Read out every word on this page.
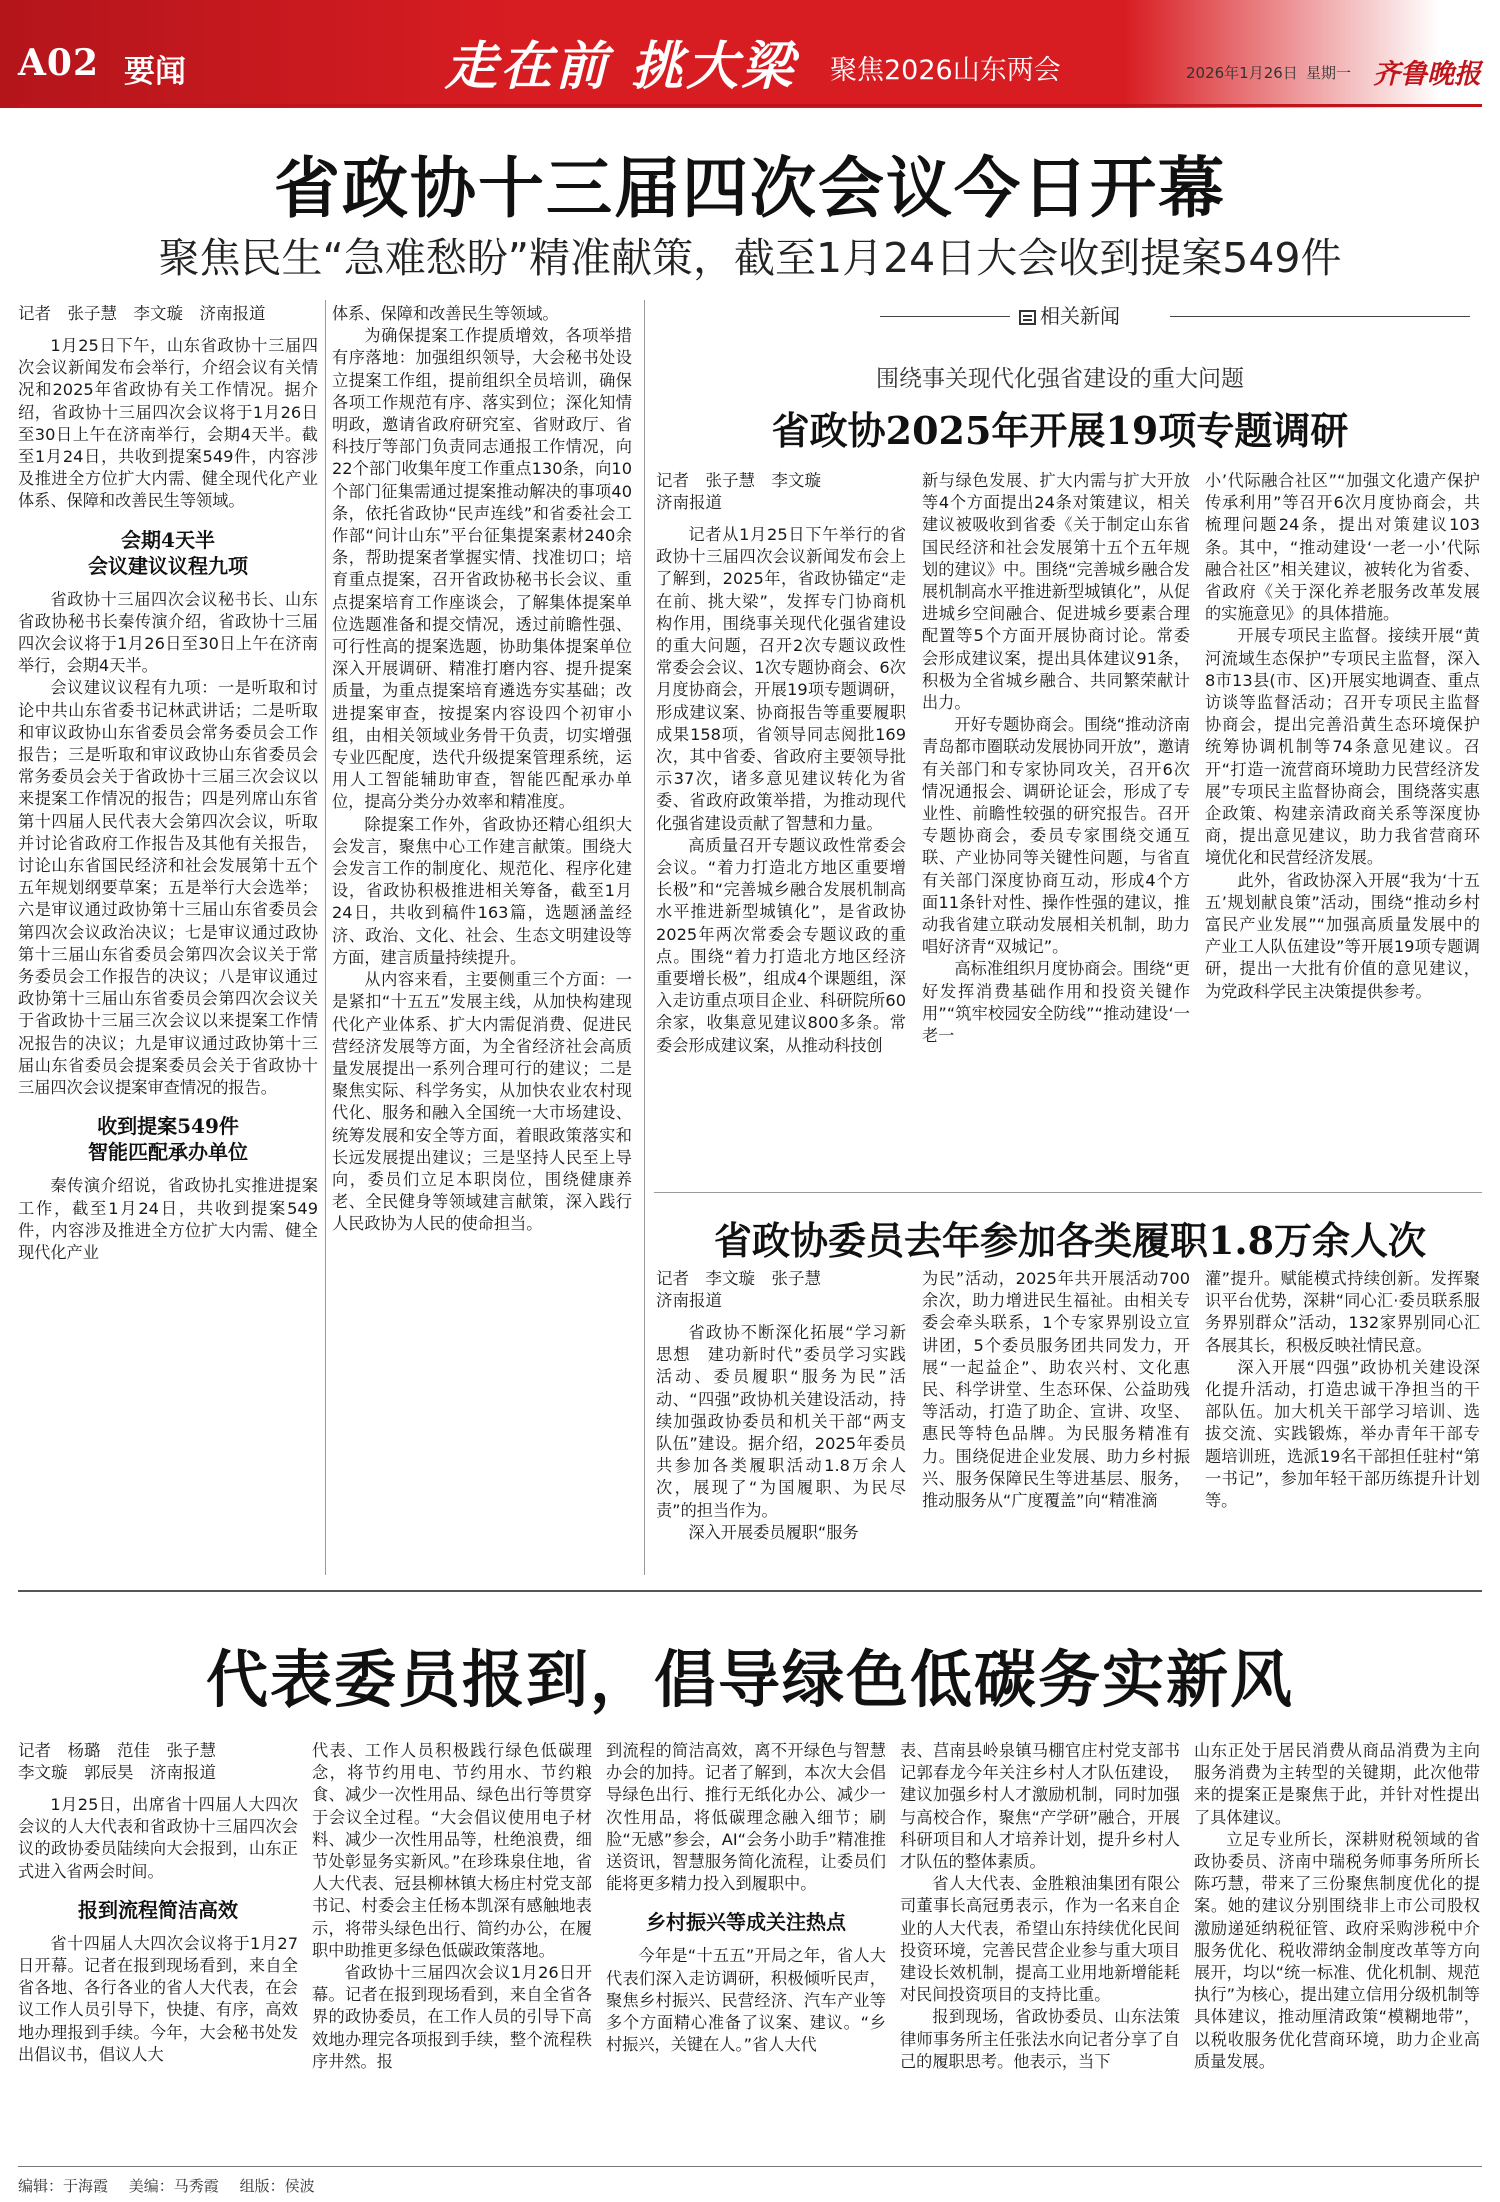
A02 要闻	走在前 挑大梁 聚焦2026山东两会	2026年1月26日 星期一 齐鲁晚报
省政协十三届四次会议今日开幕
聚焦民生“急难愁盼”精准献策，截至1月24日大会收到提案549件

记者　张子慧　李文璇　济南报道

1月25日下午，山东省政协十三届四次会议新闻发布会举行，介绍会议有关情况和2025年省政协有关工作情况。据介绍，省政协十三届四次会议将于1月26日至30日上午在济南举行，会期4天半。截至1月24日，共收到提案549件，内容涉及推进全方位扩大内需、健全现代化产业体系、保障和改善民生等领域。

会期4天半
会议建议议程九项

省政协十三届四次会议秘书长、山东省政协秘书长秦传演介绍，省政协十三届四次会议将于1月26日至30日上午在济南举行，会期4天半。

会议建议议程有九项：一是听取和讨论中共山东省委书记林武讲话；二是听取和审议政协山东省委员会常务委员会工作报告；三是听取和审议政协山东省委员会常务委员会关于省政协十三届三次会议以来提案工作情况的报告；四是列席山东省第十四届人民代表大会第四次会议，听取并讨论省政府工作报告及其他有关报告，讨论山东省国民经济和社会发展第十五个五年规划纲要草案；五是举行大会选举；六是审议通过政协第十三届山东省委员会第四次会议政治决议；七是审议通过政协第十三届山东省委员会第四次会议关于常务委员会工作报告的决议；八是审议通过政协第十三届山东省委员会第四次会议关于省政协十三届三次会议以来提案工作情况报告的决议；九是审议通过政协第十三届山东省委员会提案委员会关于省政协十三届四次会议提案审查情况的报告。

收到提案549件
智能匹配承办单位

秦传演介绍说，省政协扎实推进提案工作，截至1月24日，共收到提案549件，内容涉及推进全方位扩大内需、健全现代化产业

体系、保障和改善民生等领域。

为确保提案工作提质增效，各项举措有序落地：加强组织领导，大会秘书处设立提案工作组，提前组织全员培训，确保各项工作规范有序、落实到位；深化知情明政，邀请省政府研究室、省财政厅、省科技厅等部门负责同志通报工作情况，向22个部门收集年度工作重点130条，向10个部门征集需通过提案推动解决的事项40条，依托省政协“民声连线”和省委社会工作部“问计山东”平台征集提案素材240余条，帮助提案者掌握实情、找准切口；培育重点提案，召开省政协秘书长会议、重点提案培育工作座谈会，了解集体提案单位选题准备和提交情况，透过前瞻性强、可行性高的提案选题，协助集体提案单位深入开展调研、精准打磨内容、提升提案质量，为重点提案培育遴选夯实基础；改进提案审查，按提案内容设四个初审小组，由相关领域业务骨干负责，切实增强专业匹配度，迭代升级提案管理系统，运用人工智能辅助审查，智能匹配承办单位，提高分类分办效率和精准度。

除提案工作外，省政协还精心组织大会发言，聚焦中心工作建言献策。围绕大会发言工作的制度化、规范化、程序化建设，省政协积极推进相关筹备，截至1月24日，共收到稿件163篇，选题涵盖经济、政治、文化、社会、生态文明建设等方面，建言质量持续提升。

从内容来看，主要侧重三个方面：一是紧扣“十五五”发展主线，从加快构建现代化产业体系、扩大内需促消费、促进民营经济发展等方面，为全省经济社会高质量发展提出一系列合理可行的建议；二是聚焦实际、科学务实，从加快农业农村现代化、服务和融入全国统一大市场建设、统筹发展和安全等方面，着眼政策落实和长远发展提出建议；三是坚持人民至上导向，委员们立足本职岗位，围绕健康养老、全民健身等领域建言献策，深入践行人民政协为人民的使命担当。

相关新闻
围绕事关现代化强省建设的重大问题
省政协2025年开展19项专题调研

记者　张子慧　李文璇
济南报道

记者从1月25日下午举行的省政协十三届四次会议新闻发布会上了解到，2025年，省政协锚定“走在前、挑大梁”，发挥专门协商机构作用，围绕事关现代化强省建设的重大问题，召开2次专题议政性常委会会议、1次专题协商会、6次月度协商会，开展19项专题调研，形成建议案、协商报告等重要履职成果158项，省领导同志阅批169次，其中省委、省政府主要领导批示37次，诸多意见建议转化为省委、省政府政策举措，为推动现代化强省建设贡献了智慧和力量。

高质量召开专题议政性常委会会议。“着力打造北方地区重要增长极”和“完善城乡融合发展机制高水平推进新型城镇化”，是省政协2025年两次常委会专题议政的重点。围绕“着力打造北方地区经济重要增长极”，组成4个课题组，深入走访重点项目企业、科研院所60余家，收集意见建议800多条。常委会形成建议案，从推动科技创

新与绿色发展、扩大内需与扩大开放等4个方面提出24条对策建议，相关建议被吸收到省委《关于制定山东省国民经济和社会发展第十五个五年规划的建议》中。围绕“完善城乡融合发展机制高水平推进新型城镇化”，从促进城乡空间融合、促进城乡要素合理配置等5个方面开展协商讨论。常委会形成建议案，提出具体建议91条，积极为全省城乡融合、共同繁荣献计出力。

开好专题协商会。围绕“推动济南青岛都市圈联动发展协同开放”，邀请有关部门和专家协同攻关，召开6次情况通报会、调研论证会，形成了专业性、前瞻性较强的研究报告。召开专题协商会，委员专家围绕交通互联、产业协同等关键性问题，与省直有关部门深度协商互动，形成4个方面11条针对性、操作性强的建议，推动我省建立联动发展相关机制，助力唱好济青“双城记”。

高标准组织月度协商会。围绕“更好发挥消费基础作用和投资关键作用”“筑牢校园安全防线”“推动建设‘一老一

小’代际融合社区”“加强文化遗产保护传承利用”等召开6次月度协商会，共梳理问题24条，提出对策建议103条。其中，“推动建设‘一老一小’代际融合社区”相关建议，被转化为省委、省政府《关于深化养老服务改革发展的实施意见》的具体措施。

开展专项民主监督。接续开展“黄河流域生态保护”专项民主监督，深入8市13县(市、区)开展实地调查、重点访谈等监督活动；召开专项民主监督协商会，提出完善沿黄生态环境保护统筹协调机制等74条意见建议。召开“打造一流营商环境助力民营经济发展”专项民主监督协商会，围绕落实惠企政策、构建亲清政商关系等深度协商，提出意见建议，助力我省营商环境优化和民营经济发展。

此外，省政协深入开展“我为‘十五五’规划献良策”活动，围绕“推动乡村富民产业发展”“加强高质量发展中的产业工人队伍建设”等开展19项专题调研，提出一大批有价值的意见建议，为党政科学民主决策提供参考。

省政协委员去年参加各类履职1.8万余人次

记者　李文璇　张子慧
济南报道

省政协不断深化拓展“学习新思想　建功新时代”委员学习实践活动、委员履职“服务为民”活动、“四强”政协机关建设活动，持续加强政协委员和机关干部“两支队伍”建设。据介绍，2025年委员共参加各类履职活动1.8万余人次，展现了“为国履职、为民尽责”的担当作为。

深入开展委员履职“服务

为民”活动，2025年共开展活动700余次，助力增进民生福祉。由相关专委会牵头联系，1个专家界别设立宣讲团，5个委员服务团共同发力，开展“一起益企”、助农兴村、文化惠民、科学讲堂、生态环保、公益助残等活动，打造了助企、宣讲、攻坚、惠民等特色品牌。为民服务精准有力。围绕促进企业发展、助力乡村振兴、服务保障民生等进基层、服务，推动服务从“广度覆盖”向“精准滴

灌”提升。赋能模式持续创新。发挥聚识平台优势，深耕“同心汇·委员联系服务界别群众”活动，132家界别同心汇各展其长，积极反映社情民意。

深入开展“四强”政协机关建设深化提升活动，打造忠诚干净担当的干部队伍。加大机关干部学习培训、选拔交流、实践锻炼，举办青年干部专题培训班，选派19名干部担任驻村“第一书记”，参加年轻干部历练提升计划等。

代表委员报到，倡导绿色低碳务实新风

记者　杨璐　范佳　张子慧
李文璇　郭辰昊　济南报道

1月25日，出席省十四届人大四次会议的人大代表和省政协十三届四次会议的政协委员陆续向大会报到，山东正式进入省两会时间。

报到流程简洁高效

省十四届人大四次会议将于1月27日开幕。记者在报到现场看到，来自全省各地、各行各业的省人大代表，在会议工作人员引导下，快捷、有序，高效地办理报到手续。今年，大会秘书处发出倡议书，倡议人大

代表、工作人员积极践行绿色低碳理念，将节约用电、节约用水、节约粮食、减少一次性用品、绿色出行等贯穿于会议全过程。“大会倡议使用电子材料、减少一次性用品等，杜绝浪费，细节处彰显务实新风。”在珍珠泉住地，省人大代表、冠县柳林镇大杨庄村党支部书记、村委会主任杨本凯深有感触地表示，将带头绿色出行、简约办公，在履职中助推更多绿色低碳政策落地。

省政协十三届四次会议1月26日开幕。记者在报到现场看到，来自全省各界的政协委员，在工作人员的引导下高效地办理完各项报到手续，整个流程秩序井然。报

到流程的简洁高效，离不开绿色与智慧办会的加持。记者了解到，本次大会倡导绿色出行、推行无纸化办公、减少一次性用品，将低碳理念融入细节；刷脸“无感”参会，AI“会务小助手”精准推送资讯，智慧服务简化流程，让委员们能将更多精力投入到履职中。

乡村振兴等成关注热点

今年是“十五五”开局之年，省人大代表们深入走访调研，积极倾听民声，聚焦乡村振兴、民营经济、汽车产业等多个方面精心准备了议案、建议。“乡村振兴，关键在人。”省人大代

表、莒南县岭泉镇马棚官庄村党支部书记郭春龙今年关注乡村人才队伍建设，建议加强乡村人才激励机制，同时加强与高校合作，聚焦“产学研”融合，开展科研项目和人才培养计划，提升乡村人才队伍的整体素质。

省人大代表、金胜粮油集团有限公司董事长高冠勇表示，作为一名来自企业的人大代表，希望山东持续优化民间投资环境，完善民营企业参与重大项目建设长效机制，提高工业用地新增能耗对民间投资项目的支持比重。

报到现场，省政协委员、山东法策律师事务所主任张法水向记者分享了自己的履职思考。他表示，当下

山东正处于居民消费从商品消费为主向服务消费为主转型的关键期，此次他带来的提案正是聚焦于此，并针对性提出了具体建议。

立足专业所长，深耕财税领域的省政协委员、济南中瑞税务师事务所所长陈巧慧，带来了三份聚焦制度优化的提案。她的建议分别围绕非上市公司股权激励递延纳税征管、政府采购涉税中介服务优化、税收滞纳金制度改革等方向展开，均以“统一标准、优化机制、规范执行”为核心，提出建立信用分级机制等具体建议，推动厘清政策“模糊地带”，以税收服务优化营商环境，助力企业高质量发展。

编辑：于海霞 美编：马秀霞 组版：侯波
